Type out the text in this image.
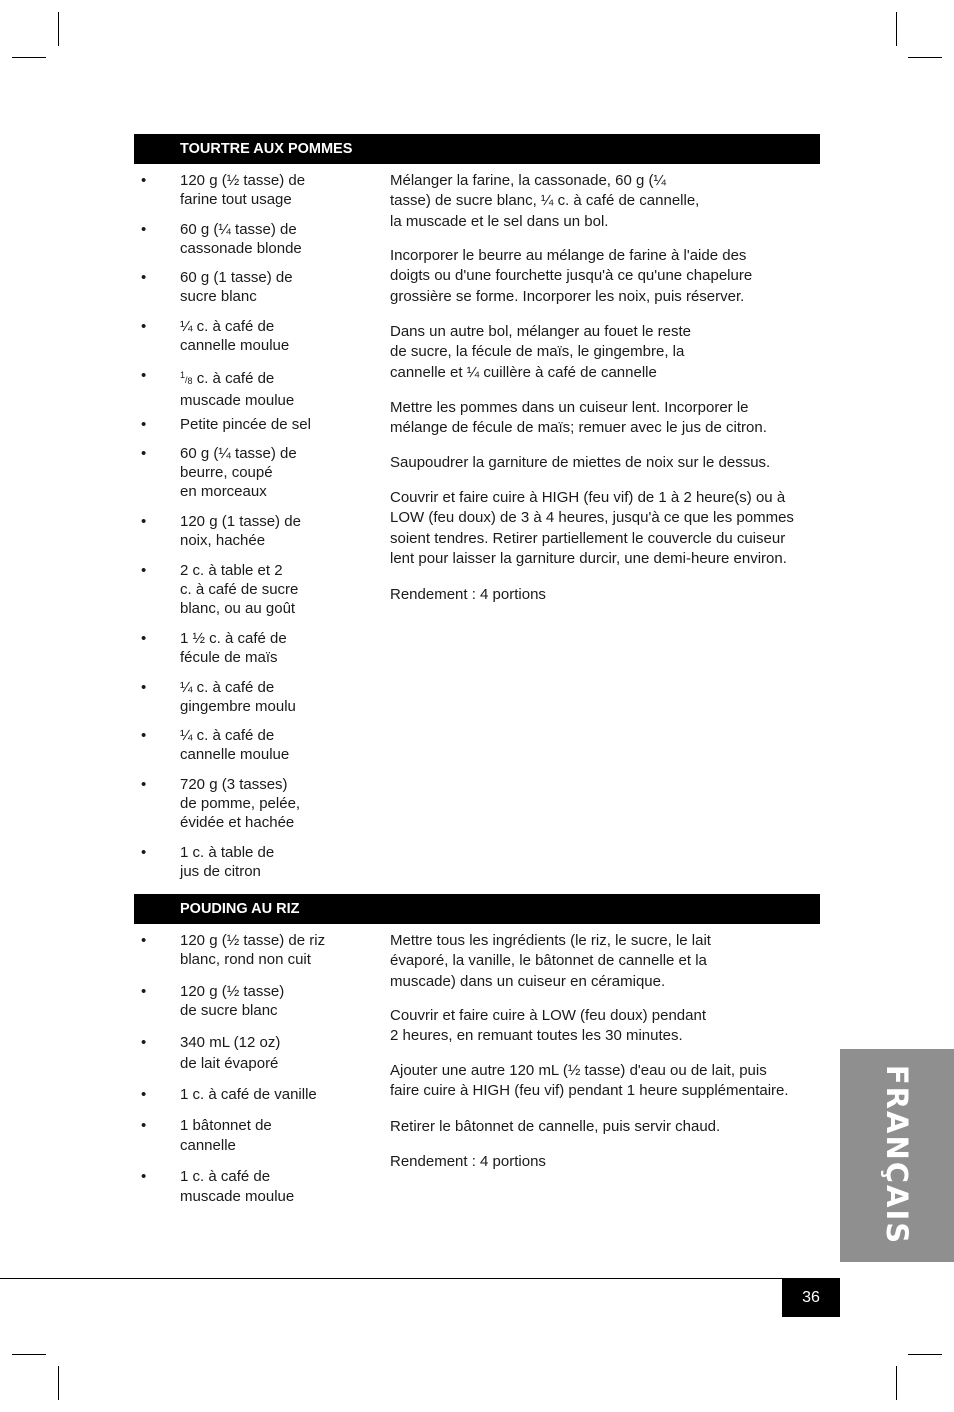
TOURTRE AUX POMMES
• 120 g (½ tasse) de
farine tout usage
• 60 g (¼ tasse) de
cassonade blonde
• 60 g (1 tasse) de
sucre blanc
• ¼ c. à café de
cannelle moulue
•	1/8 c. à café de
muscade moulue
• Petite pincée de sel
• 60 g (¼ tasse) de
beurre, coupé
en morceaux
• 120 g (1 tasse) de
noix, hachée
• 2 c. à table et 2
c. à café de sucre
blanc, ou au goût
• 1 ½ c. à café de
fécule de maïs
• ¼ c. à café de
gingembre moulu
• ¼ c. à café de
cannelle moulue
• 720 g (3 tasses)
de pomme, pelée,
évidée et hachée
• 1 c. à table de
jus de citron
Mélanger la farine, la cassonade, 60 g (¼
tasse) de sucre blanc, ¼ c. à café de cannelle,
la muscade et le sel dans un bol.
Incorporer le beurre au mélange de farine à l'aide des
doigts ou d'une fourchette jusqu'à ce qu'une chapelure
grossière se forme. Incorporer les noix, puis réserver.
Dans un autre bol, mélanger au fouet le reste
de sucre, la fécule de maïs, le gingembre, la
cannelle et ¼ cuillère à café de cannelle
Mettre les pommes dans un cuiseur lent. Incorporer le
mélange de fécule de maïs; remuer avec le jus de citron.
Saupoudrer la garniture de miettes de noix sur le dessus.
Couvrir et faire cuire à HIGH (feu vif) de 1 à 2 heure(s) ou à
LOW (feu doux) de 3 à 4 heures, jusqu'à ce que les pommes
soient tendres. Retirer partiellement le couvercle du cuiseur
lent pour laisser la garniture durcir, une demi-heure environ.
Rendement : 4 portions
POUDING AU RIZ
• 120 g (½ tasse) de riz
blanc, rond non cuit
• 120 g (½ tasse)
de sucre blanc
• 340 mL (12 oz)
de lait évaporé
• 1 c. à café de vanille
• 1 bâtonnet de
cannelle
• 1 c. à café de
muscade moulue
Mettre tous les ingrédients (le riz, le sucre, le lait
évaporé, la vanille, le bâtonnet de cannelle et la
muscade) dans un cuiseur en céramique.
Couvrir et faire cuire à LOW (feu doux) pendant
2 heures, en remuant toutes les 30 minutes.
Ajouter une autre 120 mL (½ tasse) d'eau ou de lait, puis
faire cuire à HIGH (feu vif) pendant 1 heure supplémentaire.
Retirer le bâtonnet de cannelle, puis servir chaud.
Rendement : 4 portions	FRANÇAIS
36
